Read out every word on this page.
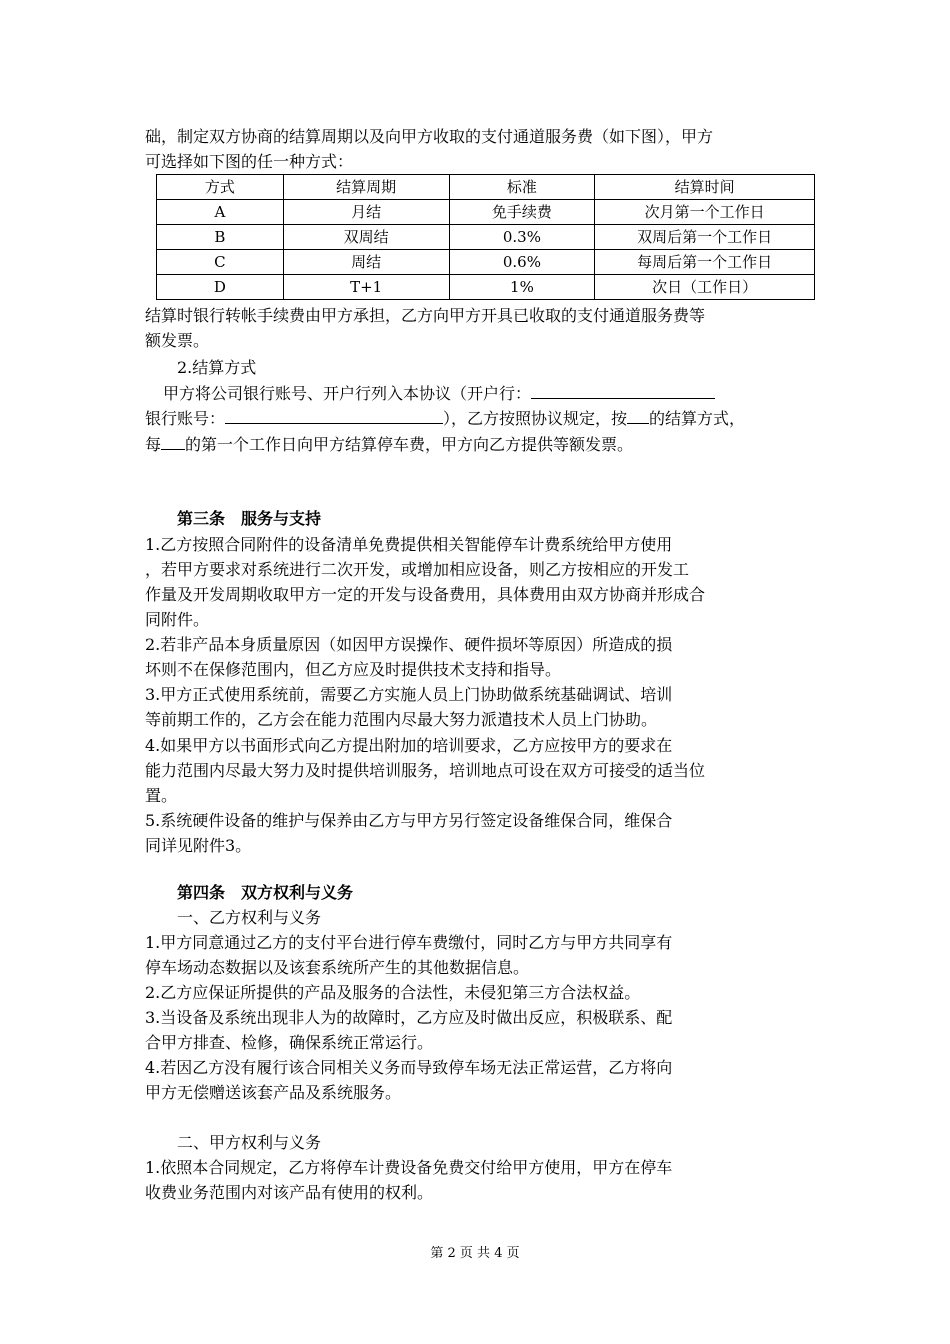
础，制定双方协商的结算周期以及向甲方收取的支付通道服务费（如下图），甲方
可选择如下图的任一种方式：
方式	结算周期	标准	结算时间
A	月结	免手续费	次月第一个工作日
B	双周结	0.3%	双周后第一个工作日
C	周结	0.6%	每周后第一个工作日
D	T+1	1%	次日（工作日）
结算时银行转帐手续费由甲方承担，乙方向甲方开具已收取的支付通道服务费等
额发票。
2.结算方式
甲方将公司银行账号、开户行列入本协议（开户行：
银行账号：	），乙方按照协议规定，按 的结算方式，
每 的第一个工作日向甲方结算停车费，甲方向乙方提供等额发票。
第三条　服务与支持
1.乙方按照合同附件的设备清单免费提供相关智能停车计费系统给甲方使用
，若甲方要求对系统进行二次开发，或增加相应设备，则乙方按相应的开发工
作量及开发周期收取甲方一定的开发与设备费用，具体费用由双方协商并形成合
同附件。
2.若非产品本身质量原因（如因甲方误操作、硬件损坏等原因）所造成的损
坏则不在保修范围内，但乙方应及时提供技术支持和指导。
3.甲方正式使用系统前，需要乙方实施人员上门协助做系统基础调试、培训
等前期工作的，乙方会在能力范围内尽最大努力派遣技术人员上门协助。
4.如果甲方以书面形式向乙方提出附加的培训要求，乙方应按甲方的要求在
能力范围内尽最大努力及时提供培训服务，培训地点可设在双方可接受的适当位
置。
5.系统硬件设备的维护与保养由乙方与甲方另行签定设备维保合同，维保合
同详见附件3。
第四条　双方权利与义务
一、乙方权利与义务
1.甲方同意通过乙方的支付平台进行停车费缴付，同时乙方与甲方共同享有
停车场动态数据以及该套系统所产生的其他数据信息。
2.乙方应保证所提供的产品及服务的合法性，未侵犯第三方合法权益。
3.当设备及系统出现非人为的故障时，乙方应及时做出反应，积极联系、配
合甲方排查、检修，确保系统正常运行。
4.若因乙方没有履行该合同相关义务而导致停车场无法正常运营，乙方将向
甲方无偿赠送该套产品及系统服务。
二、甲方权利与义务
1.依照本合同规定，乙方将停车计费设备免费交付给甲方使用，甲方在停车
收费业务范围内对该产品有使用的权利。
第 2 页 共 4 页
